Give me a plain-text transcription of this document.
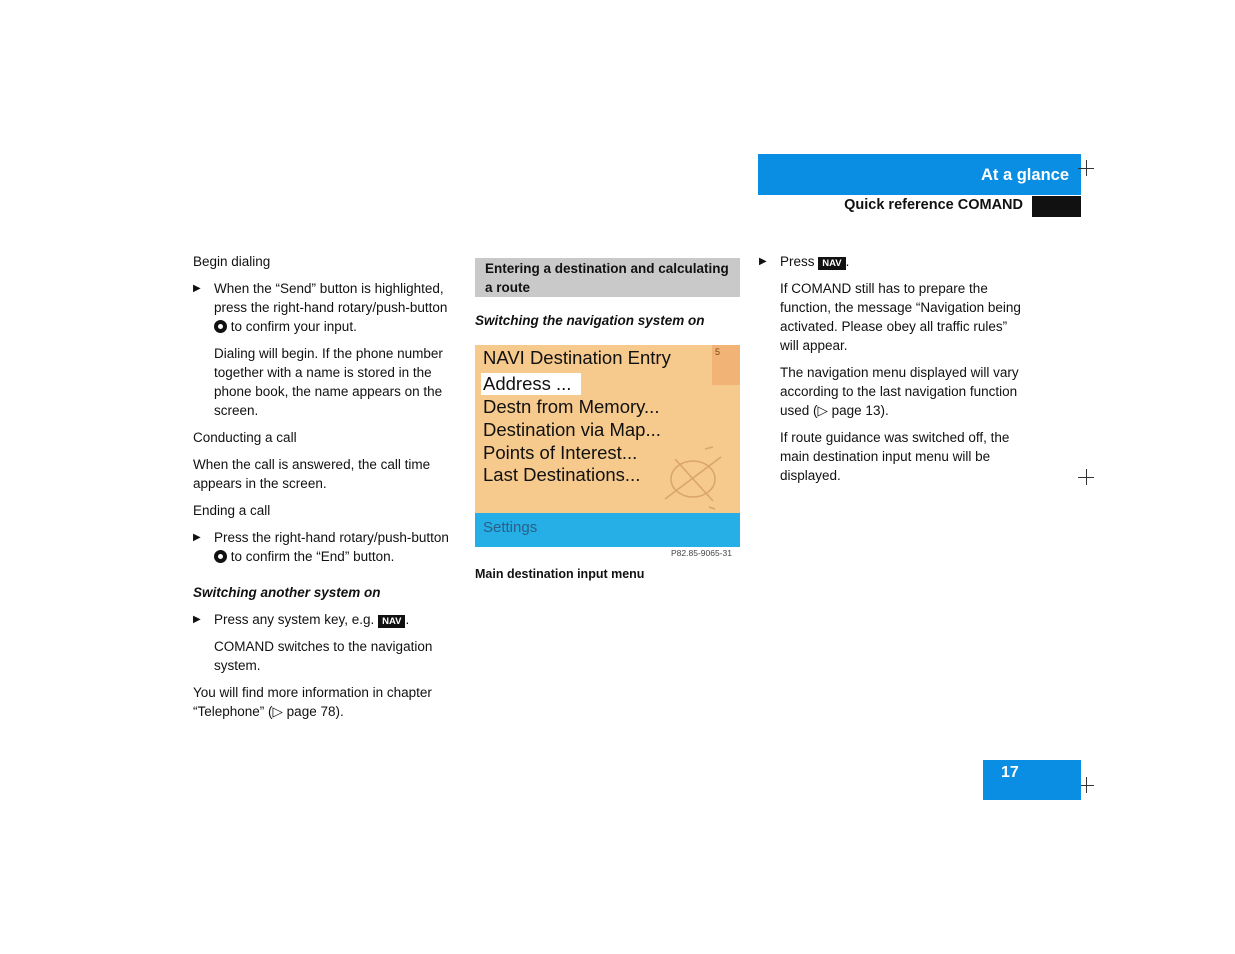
At a glance
Quick reference COMAND

Begin dialing

▶ When the “Send” button is highlighted, press the right-hand rotary/push-button  to confirm your input.

Dialing will begin. If the phone number together with a name is stored in the phone book, the name appears on the screen.

Conducting a call

When the call is answered, the call time appears in the screen.

Ending a call

▶ Press the right-hand rotary/push-button  to confirm the “End” button.

Switching another system on

▶ Press any system key, e.g. NAV .

COMAND switches to the navigation system.

You will find more information in chapter “Telephone” (▷ page 78).

Entering a destination and calculating a route
Switching the navigation system on
5
NAVI Destination Entry
Address ...
Destn from Memory...
Destination via Map...
Points of Interest...
Last Destinations...
Settings
P82.85-9065-31
Main destination input menu
▶ Press NAV .

If COMAND still has to prepare the function, the message “Navigation being activated. Please obey all traffic rules” will appear.

The navigation menu displayed will vary according to the last navigation function used (▷ page 13).

If route guidance was switched off, the main destination input menu will be displayed.

17
